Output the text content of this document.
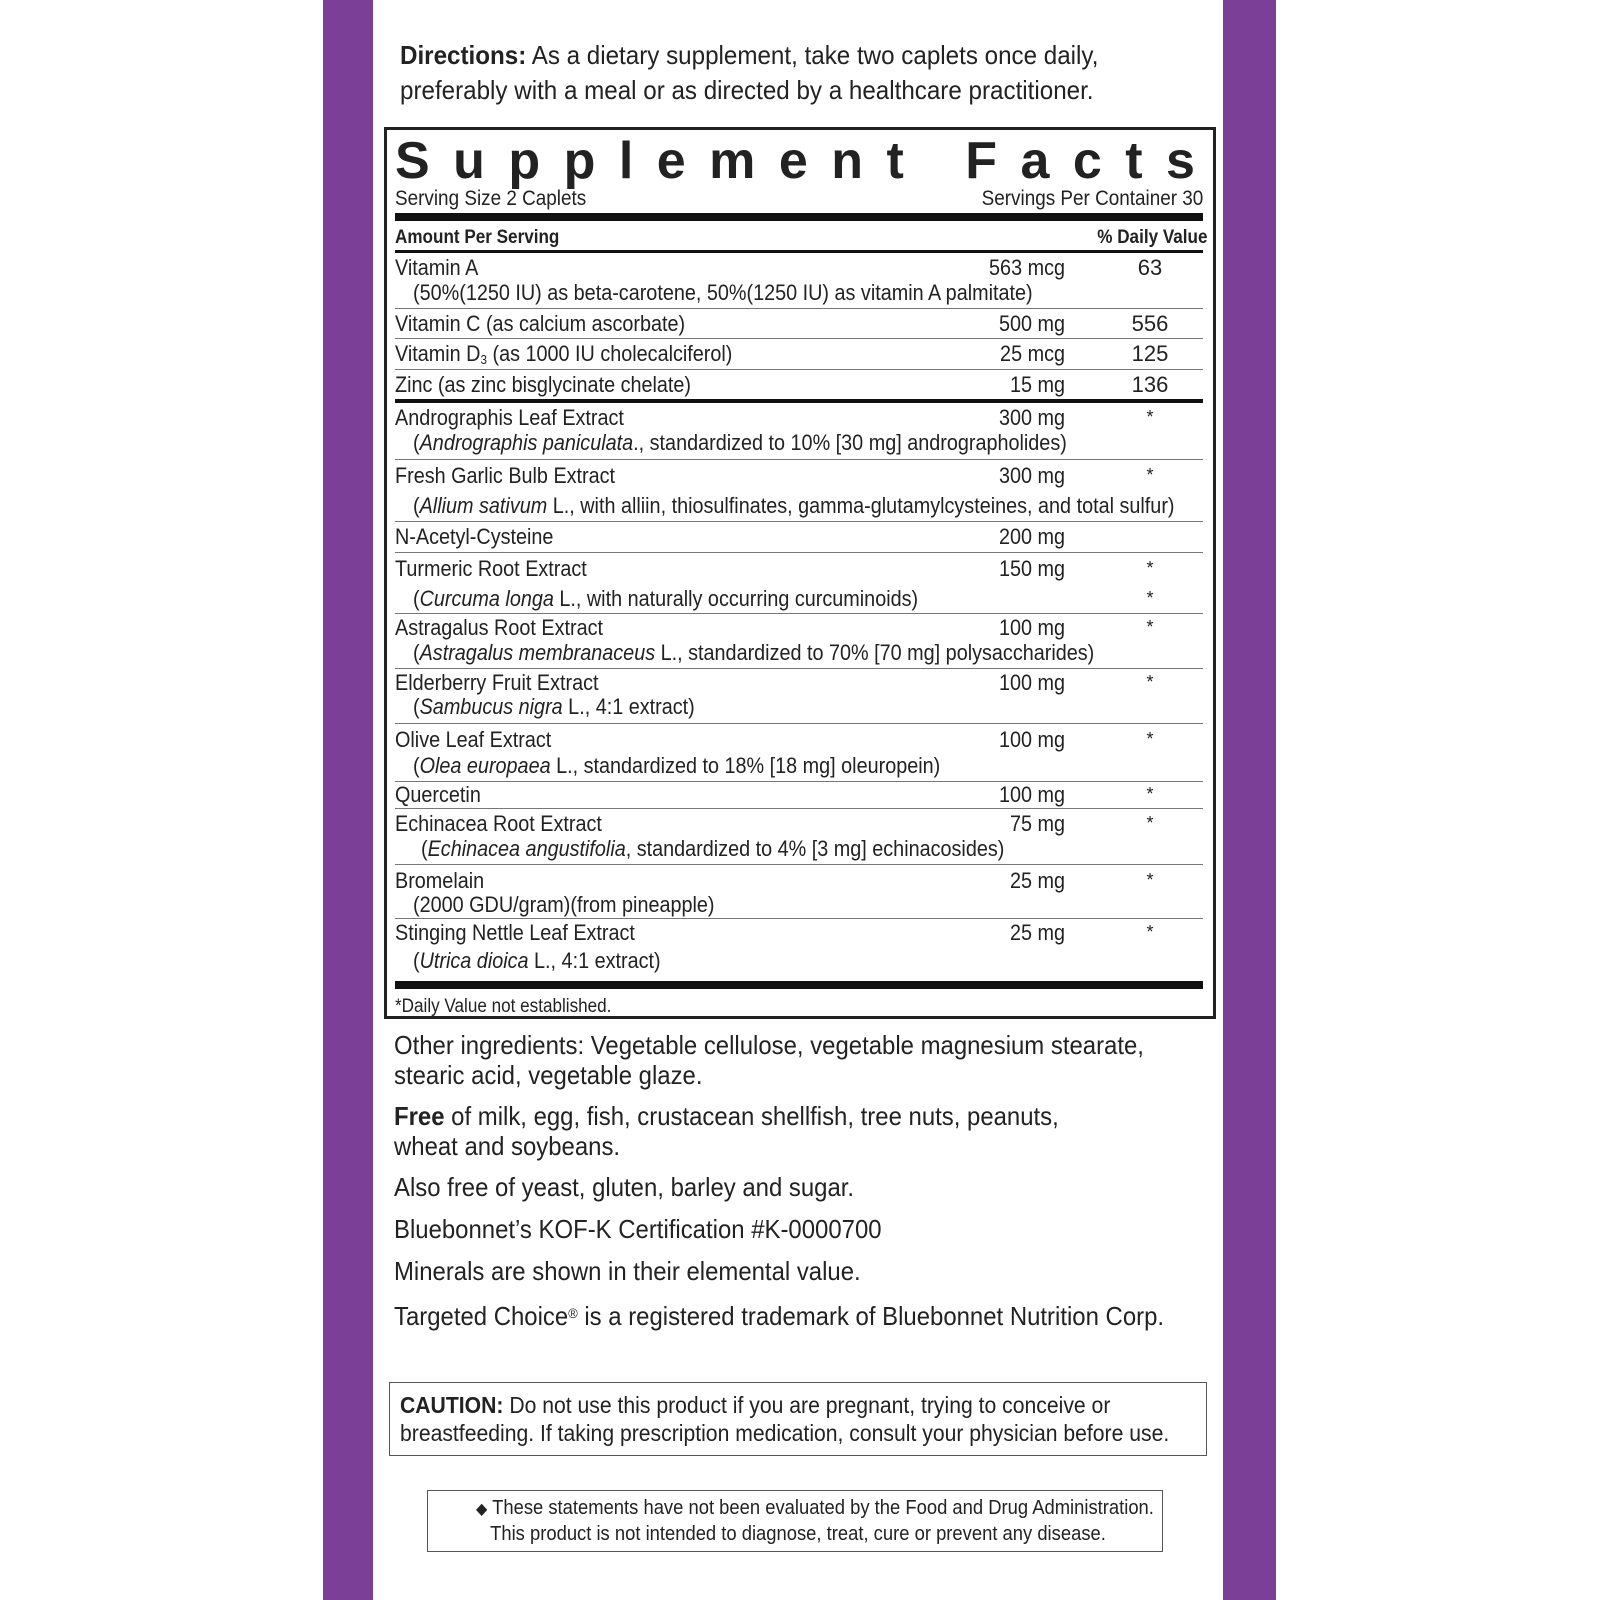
Directions: As a dietary supplement, take two caplets once daily,
preferably with a meal or as directed by a healthcare practitioner.
S u p p l e m e n t
F a c t s
Serving Size 2 Caplets	Servings Per Container 30
Amount Per Serving	% Daily Value
Vitamin A
(50%(1250 IU) as beta-carotene, 50%(1250 IU) as vitamin A palmitate)
563 mcg	63
Vitamin C (as calcium ascorbate)	500 mg	556
Vitamin D3 (as 1000 IU cholecalciferol)	25 mcg	125
Zinc (as zinc bisglycinate chelate)	15 mg	136
Andrographis Leaf Extract
(Andrographis paniculata., standardized to 10% [30 mg] andrographolides)
300 mg	*
Fresh Garlic Bulb Extract
(Allium sativum L., with alliin, thiosulfinates, gamma-glutamylcysteines, and total sulfur)
300 mg	*
N-Acetyl-Cysteine	200 mg
Turmeric Root Extract
(Curcuma longa L., with naturally occurring curcuminoids)
150 mg	*
*
Astragalus Root Extract
(Astragalus membranaceus L., standardized to 70% [70 mg] polysaccharides)
100 mg	*
Elderberry Fruit Extract
(Sambucus nigra L., 4:1 extract)
100 mg	*
Olive Leaf Extract
(Olea europaea L., standardized to 18% [18 mg] oleuropein)
100 mg	*
Quercetin	100 mg	*
Echinacea Root Extract
(Echinacea angustifolia, standardized to 4% [3 mg] echinacosides)
75 mg	*
Bromelain
(2000 GDU/gram)(from pineapple)
25 mg	*
Stinging Nettle Leaf Extract
(Utrica dioica L., 4:1 extract)
25 mg	*
*Daily Value not established.
Other ingredients: Vegetable cellulose, vegetable magnesium stearate,
stearic acid, vegetable glaze.
Free of milk, egg, fish, crustacean shellfish, tree nuts, peanuts,
wheat and soybeans.
Also free of yeast, gluten, barley and sugar.
Bluebonnet’s KOF-K Certification #K-0000700
Minerals are shown in their elemental value.
Targeted Choice® is a registered trademark of Bluebonnet Nutrition Corp.
CAUTION: Do not use this product if you are pregnant, trying to conceive or
breastfeeding. If taking prescription medication, consult your physician before use.
◆ These statements have not been evaluated by the Food and Drug Administration.
This product is not intended to diagnose, treat, cure or prevent any disease.
